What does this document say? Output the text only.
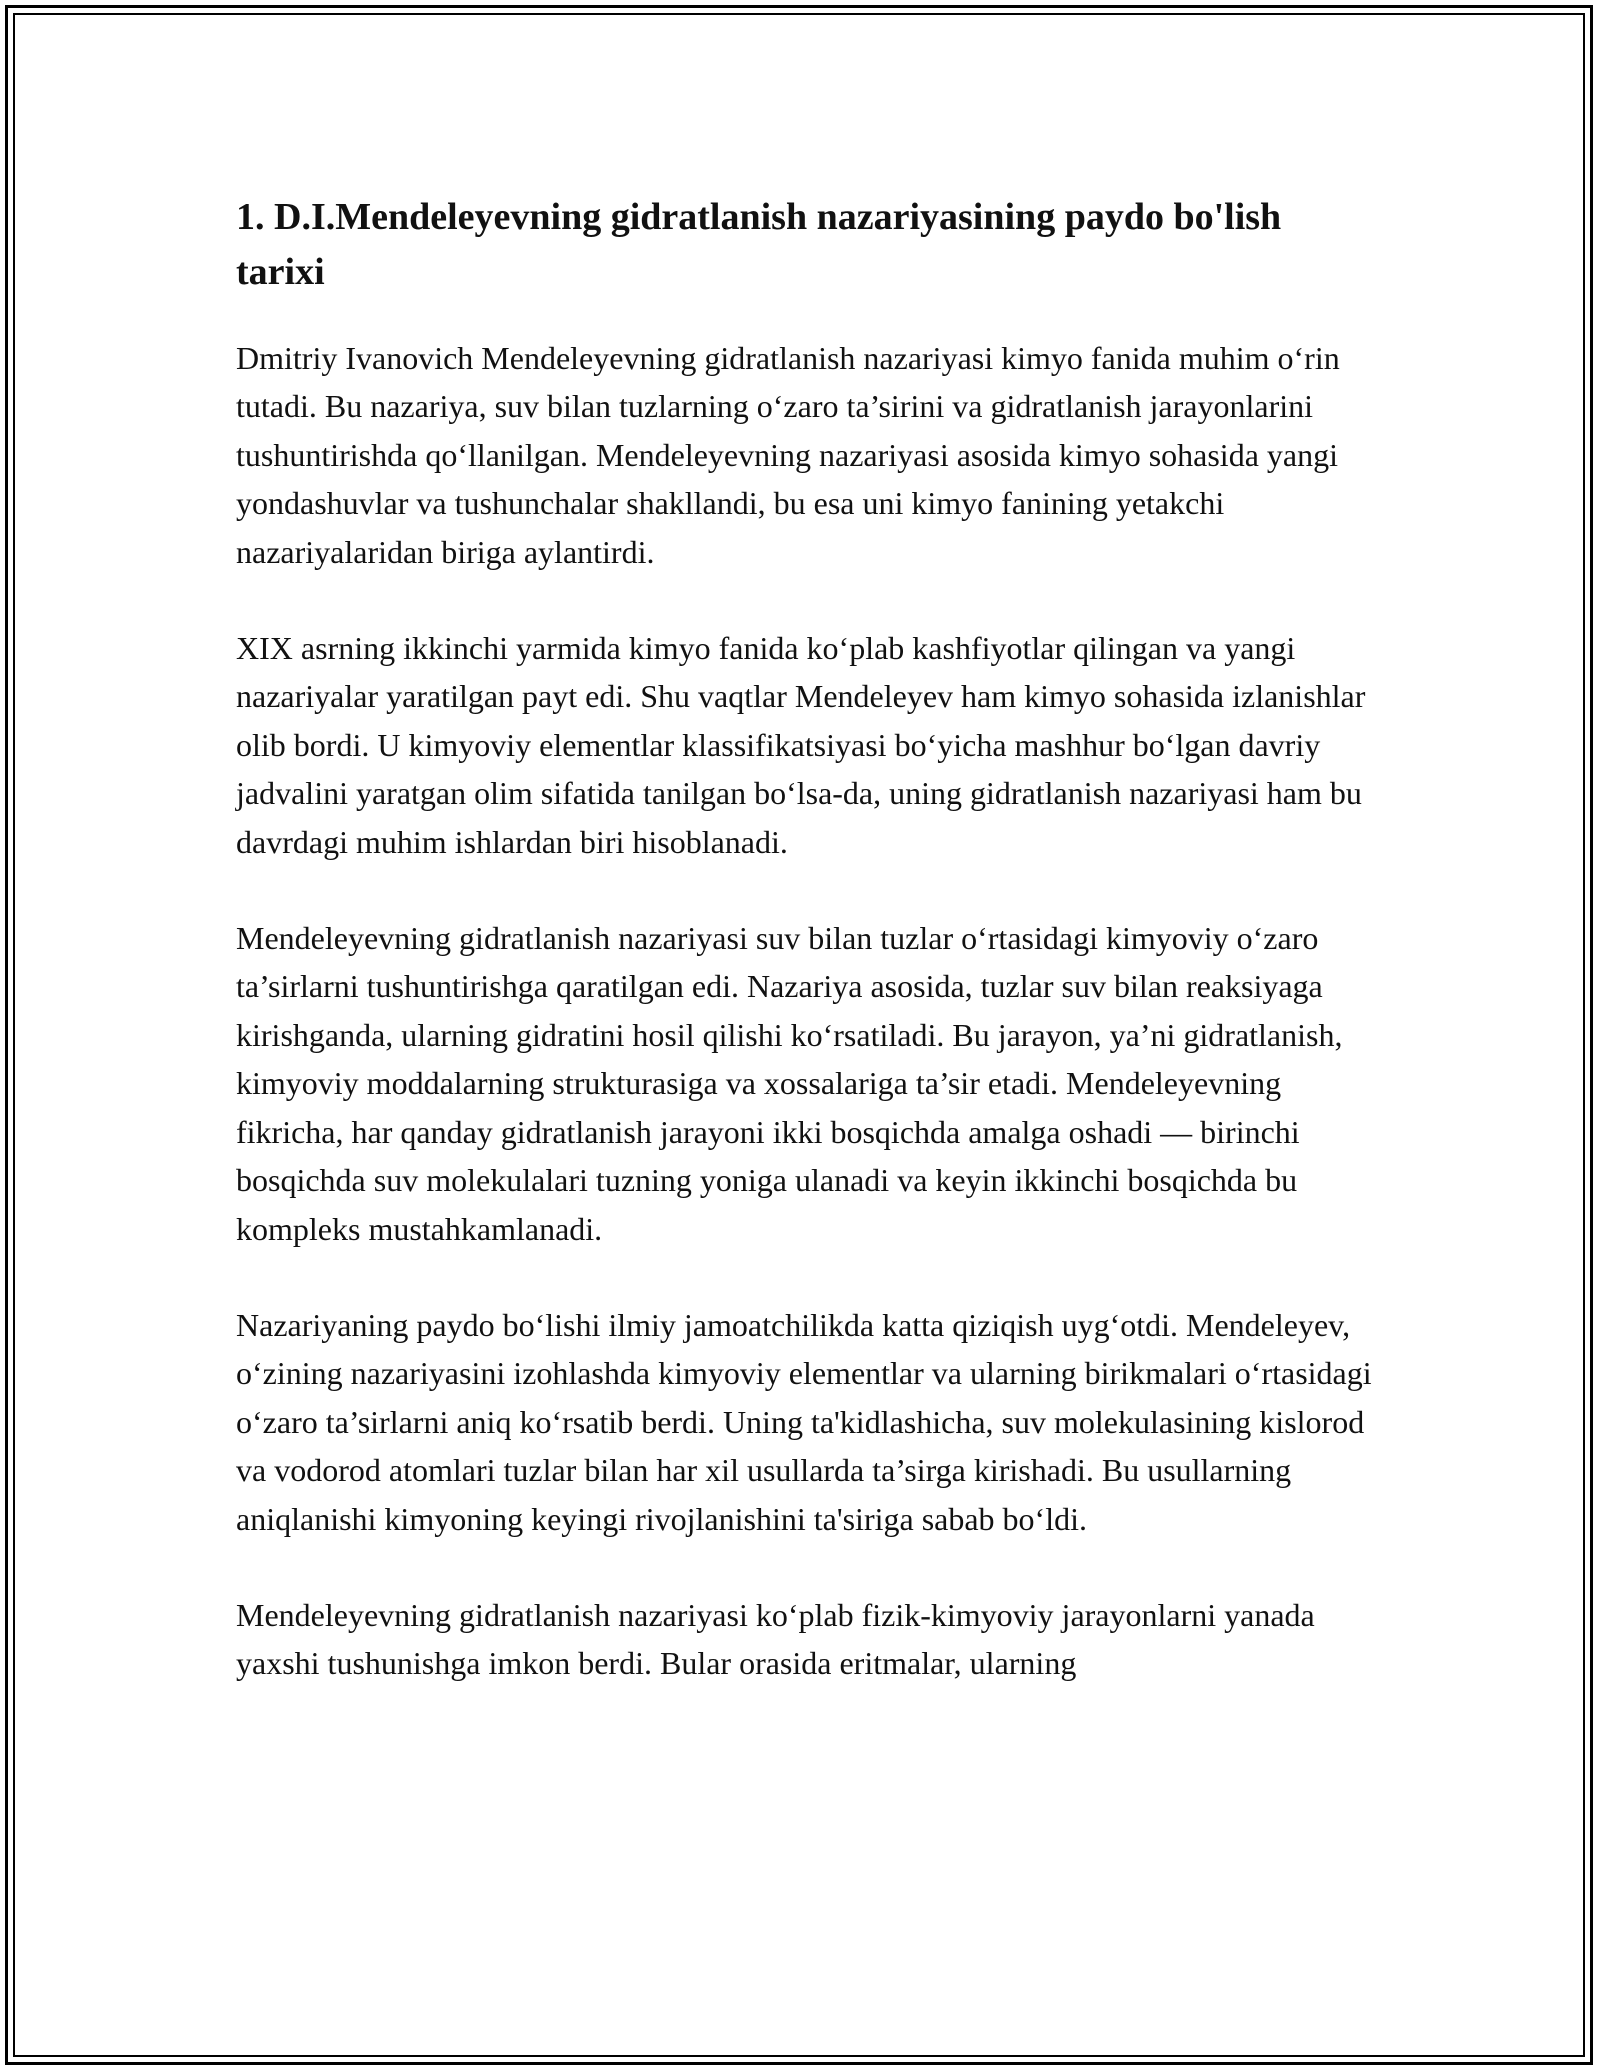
1. D.I.Mendeleyevning gidratlanish nazariyasining paydo bo'lish tarixi

Dmitriy Ivanovich Mendeleyevning gidratlanish nazariyasi kimyo fanida muhim o‘rin tutadi. Bu nazariya, suv bilan tuzlarning o‘zaro ta’sirini va gidratlanish jarayonlarini tushuntirishda qo‘llanilgan. Mendeleyevning nazariyasi asosida kimyo sohasida yangi yondashuvlar va tushunchalar shakllandi, bu esa uni kimyo fanining yetakchi nazariyalaridan biriga aylantirdi.

XIX asrning ikkinchi yarmida kimyo fanida ko‘plab kashfiyotlar qilingan va yangi nazariyalar yaratilgan payt edi. Shu vaqtlar Mendeleyev ham kimyo sohasida izlanishlar olib bordi. U kimyoviy elementlar klassifikatsiyasi bo‘yicha mashhur bo‘lgan davriy jadvalini yaratgan olim sifatida tanilgan bo‘lsa-da, uning gidratlanish nazariyasi ham bu davrdagi muhim ishlardan biri hisoblanadi.

Mendeleyevning gidratlanish nazariyasi suv bilan tuzlar o‘rtasidagi kimyoviy o‘zaro ta’sirlarni tushuntirishga qaratilgan edi. Nazariya asosida, tuzlar suv bilan reaksiyaga kirishganda, ularning gidratini hosil qilishi ko‘rsatiladi. Bu jarayon, ya’ni gidratlanish, kimyoviy moddalarning strukturasiga va xossalariga ta’sir etadi. Mendeleyevning fikricha, har qanday gidratlanish jarayoni ikki bosqichda amalga oshadi — birinchi bosqichda suv molekulalari tuzning yoniga ulanadi va keyin ikkinchi bosqichda bu kompleks mustahkamlanadi.

Nazariyaning paydo bo‘lishi ilmiy jamoatchilikda katta qiziqish uyg‘otdi. Mendeleyev, o‘zining nazariyasini izohlashda kimyoviy elementlar va ularning birikmalari o‘rtasidagi o‘zaro ta’sirlarni aniq ko‘rsatib berdi. Uning ta'kidlashicha, suv molekulasining kislorod va vodorod atomlari tuzlar bilan har xil usullarda ta’sirga kirishadi. Bu usullarning aniqlanishi kimyoning keyingi rivojlanishini ta'siriga sabab bo‘ldi.

Mendeleyevning gidratlanish nazariyasi ko‘plab fizik-kimyoviy jarayonlarni yanada yaxshi tushunishga imkon berdi. Bular orasida eritmalar, ularning
